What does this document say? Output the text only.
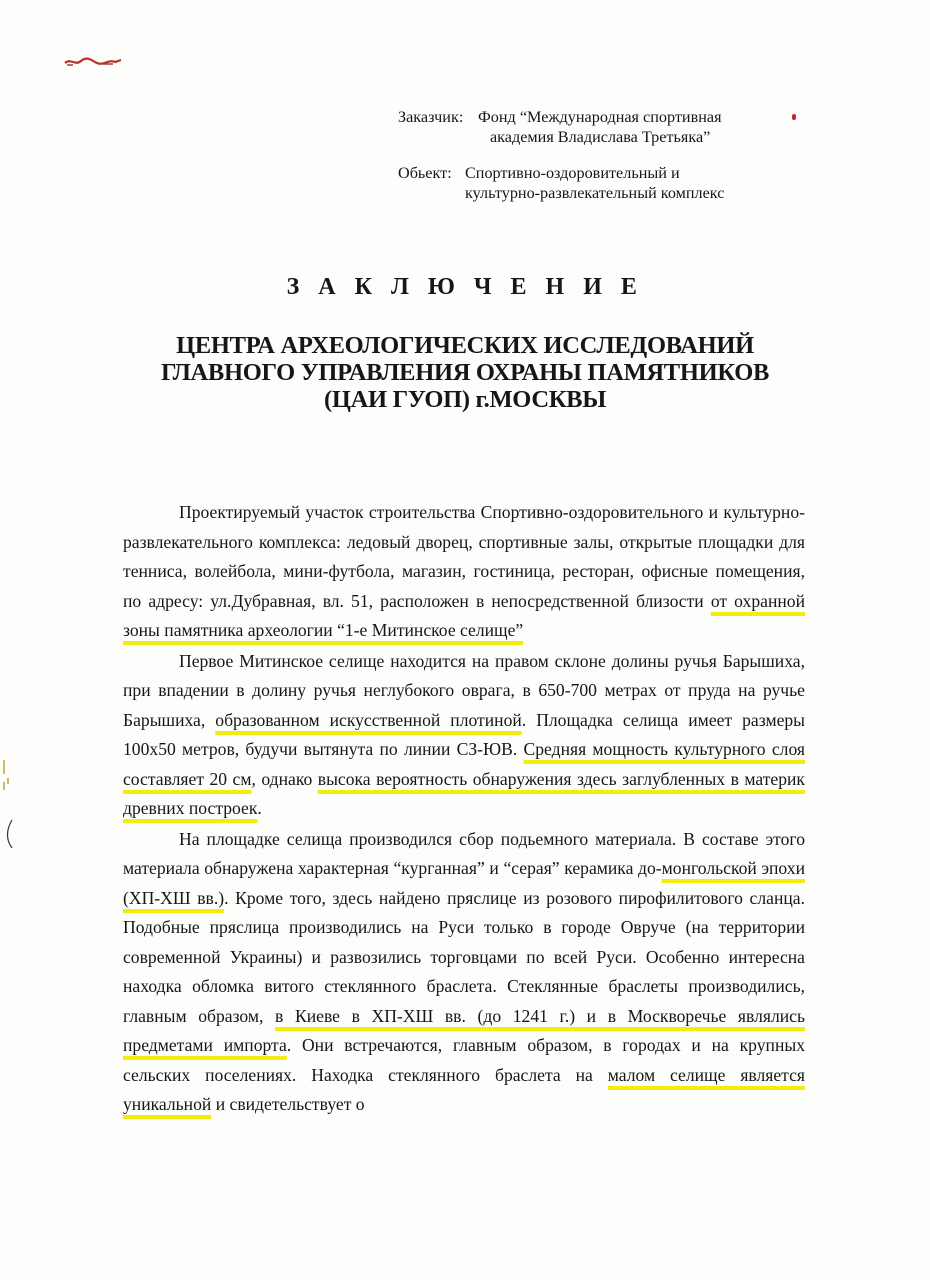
Заказчик: Фонд “Международная спортивная
академия Владислава Третьяка”
Обьект: Спортивно-оздоровительный и
культурно-развлекательный комплекс
З А К Л Ю Ч Е Н И Е
ЦЕНТРА АРХЕОЛОГИЧЕСКИХ ИССЛЕДОВАНИЙ
ГЛАВНОГО УПРАВЛЕНИЯ ОХРАНЫ ПАМЯТНИКОВ
(ЦАИ ГУОП) г.МОСКВЫ

Проектируемый участок строительства Спортивно-оздоровительного и культурно-развлекательного комплекса: ледовый дворец, спортивные залы, открытые площадки для тенниса, волейбола, мини-футбола, магазин, гостиница, ресторан, офисные помещения, по адресу: ул.Дубравная, вл. 51, расположен в непосредственной близости от охранной зоны памятника археологии “1-е Митинское селище”

Первое Митинское селище находится на правом склоне долины ручья Барышиха, при впадении в долину ручья неглубокого оврага, в 650-700 метрах от пруда на ручье Барышиха, образованном искусственной плотиной. Площадка селища имеет размеры 100х50 метров, будучи вытянута по линии СЗ-ЮВ. Средняя мощность культурного слоя составляет 20 см, однако высока вероятность обнаружения здесь заглубленных в материк древних построек.

На площадке селища производился сбор подьемного материала. В составе этого материала обнаружена характерная “курганная” и “серая” керамика до-монгольской эпохи (ХП-ХШ вв.). Кроме того, здесь найдено пряслице из розового пирофилитового сланца. Подобные пряслица производились на Руси только в городе Овруче (на территории современной Украины) и развозились торговцами по всей Руси. Особенно интересна находка обломка витого стеклянного браслета. Стеклянные браслеты производились, главным образом, в Киеве в ХП-ХШ вв. (до 1241 г.) и в Москворечье являлись предметами импорта. Они встречаются, главным образом, в городах и на крупных сельских поселениях. Находка стеклянного браслета на малом селище является уникальной и свидетельствует о
